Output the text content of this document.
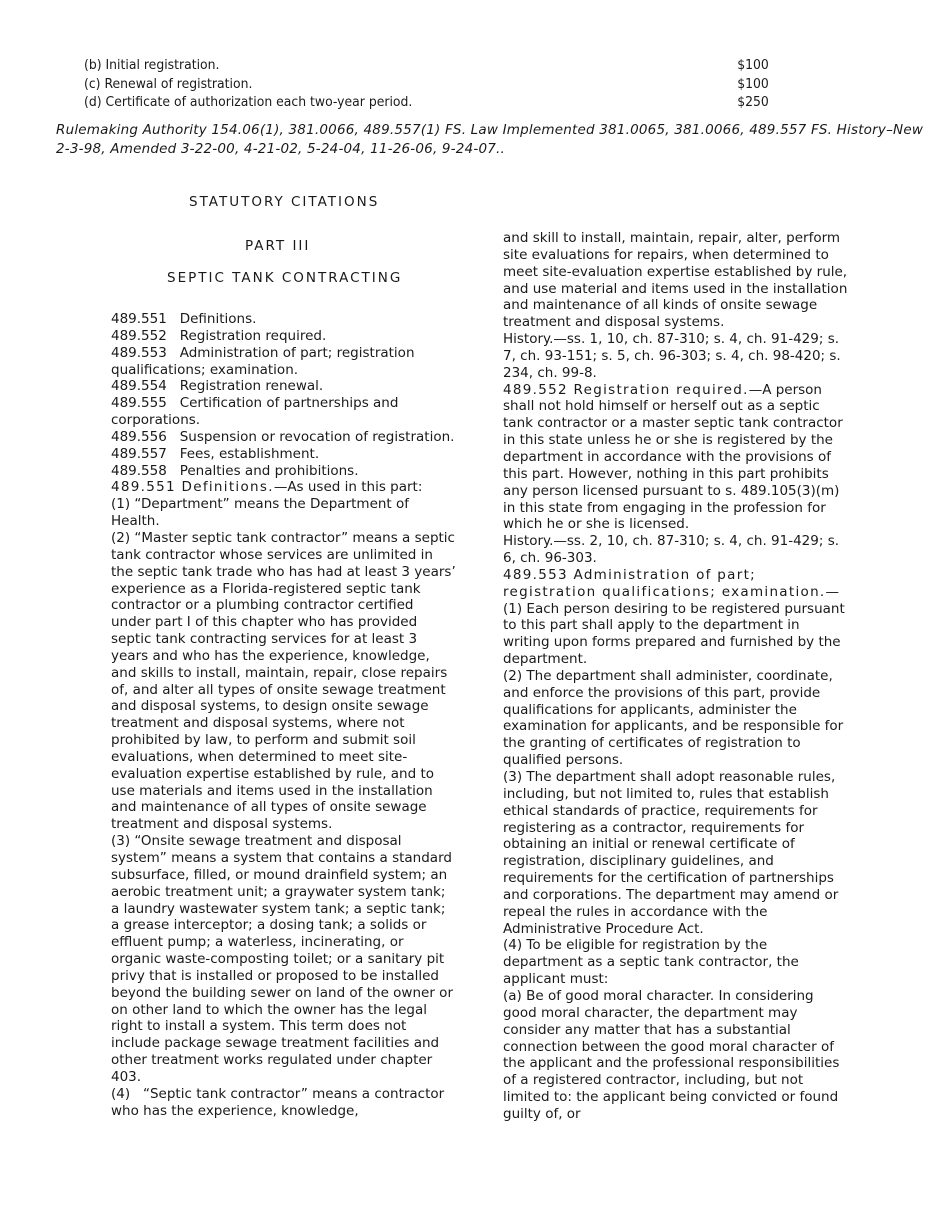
(b) Initial registration.	$100
(c) Renewal of registration.	$100
(d) Certificate of authorization each two-year period.	$250
Rulemaking Authority 154.06(1), 381.0066, 489.557(1) FS. Law Implemented 381.0065, 381.0066, 489.557 FS. History–New 2-3-98, Amended 3-22-00, 4-21-02, 5-24-04, 11-26-06, 9-24-07..
STATUTORY CITATIONS
PART III
SEPTIC TANK CONTRACTING

489.551 Definitions.

489.552 Registration required.

489.553 Administration of part; registration qualifications; examination.

489.554 Registration renewal.

489.555 Certification of partnerships and corporations.

489.556 Suspension or revocation of registration.

489.557 Fees, establishment.

489.558 Penalties and prohibitions.

489.551 Definitions.—As used in this part:

(1) “Department” means the Department of Health.

(2) “Master septic tank contractor” means a septic tank contractor whose services are unlimited in the septic tank trade who has had at least 3 years’ experience as a Florida-registered septic tank contractor or a plumbing contractor certified under part I of this chapter who has provided septic tank contracting services for at least 3 years and who has the experience, knowledge, and skills to install, maintain, repair, close repairs of, and alter all types of onsite sewage treatment and disposal systems, to design onsite sewage treatment and disposal systems, where not prohibited by law, to perform and submit soil evaluations, when determined to meet site-evaluation expertise established by rule, and to use materials and items used in the installation and maintenance of all types of onsite sewage treatment and disposal systems.

(3) “Onsite sewage treatment and disposal system” means a system that contains a standard subsurface, filled, or mound drainfield system; an aerobic treatment unit; a graywater system tank; a laundry wastewater system tank; a septic tank; a grease interceptor; a dosing tank; a solids or effluent pump; a waterless, incinerating, or organic waste-composting toilet; or a sanitary pit privy that is installed or proposed to be installed beyond the building sewer on land of the owner or on other land to which the owner has the legal right to install a system. This term does not include package sewage treatment facilities and other treatment works regulated under chapter 403.

(4)   “Septic tank contractor” means a contractor who has the experience, knowledge,

and skill to install, maintain, repair, alter, perform site evaluations for repairs, when determined to meet site-evaluation expertise established by rule, and use material and items used in the installation and maintenance of all kinds of onsite sewage treatment and disposal systems.

History.—ss. 1, 10, ch. 87-310; s. 4, ch. 91-429; s. 7, ch. 93-151; s. 5, ch. 96-303; s. 4, ch. 98-420; s. 234, ch. 99-8.

489.552 Registration required.—A person shall not hold himself or herself out as a septic tank contractor or a master septic tank contractor in this state unless he or she is registered by the department in accordance with the provisions of this part. However, nothing in this part prohibits any person licensed pursuant to s. 489.105(3)(m) in this state from engaging in the profession for which he or she is licensed.

History.—ss. 2, 10, ch. 87-310; s. 4, ch. 91-429; s. 6, ch. 96-303.

489.553 Administration of part; registration qualifications; examination.—

(1) Each person desiring to be registered pursuant to this part shall apply to the department in writing upon forms prepared and furnished by the department.

(2) The department shall administer, coordinate, and enforce the provisions of this part, provide qualifications for applicants, administer the examination for applicants, and be responsible for the granting of certificates of registration to qualified persons.

(3) The department shall adopt reasonable rules, including, but not limited to, rules that establish ethical standards of practice, requirements for registering as a contractor, requirements for obtaining an initial or renewal certificate of registration, disciplinary guidelines, and requirements for the certification of partnerships and corporations. The department may amend or repeal the rules in accordance with the Administrative Procedure Act.

(4) To be eligible for registration by the department as a septic tank contractor, the applicant must:

(a) Be of good moral character. In considering good moral character, the department may consider any matter that has a substantial connection between the good moral character of the applicant and the professional responsibilities of a registered contractor, including, but not limited to: the applicant being convicted or found guilty of, or
